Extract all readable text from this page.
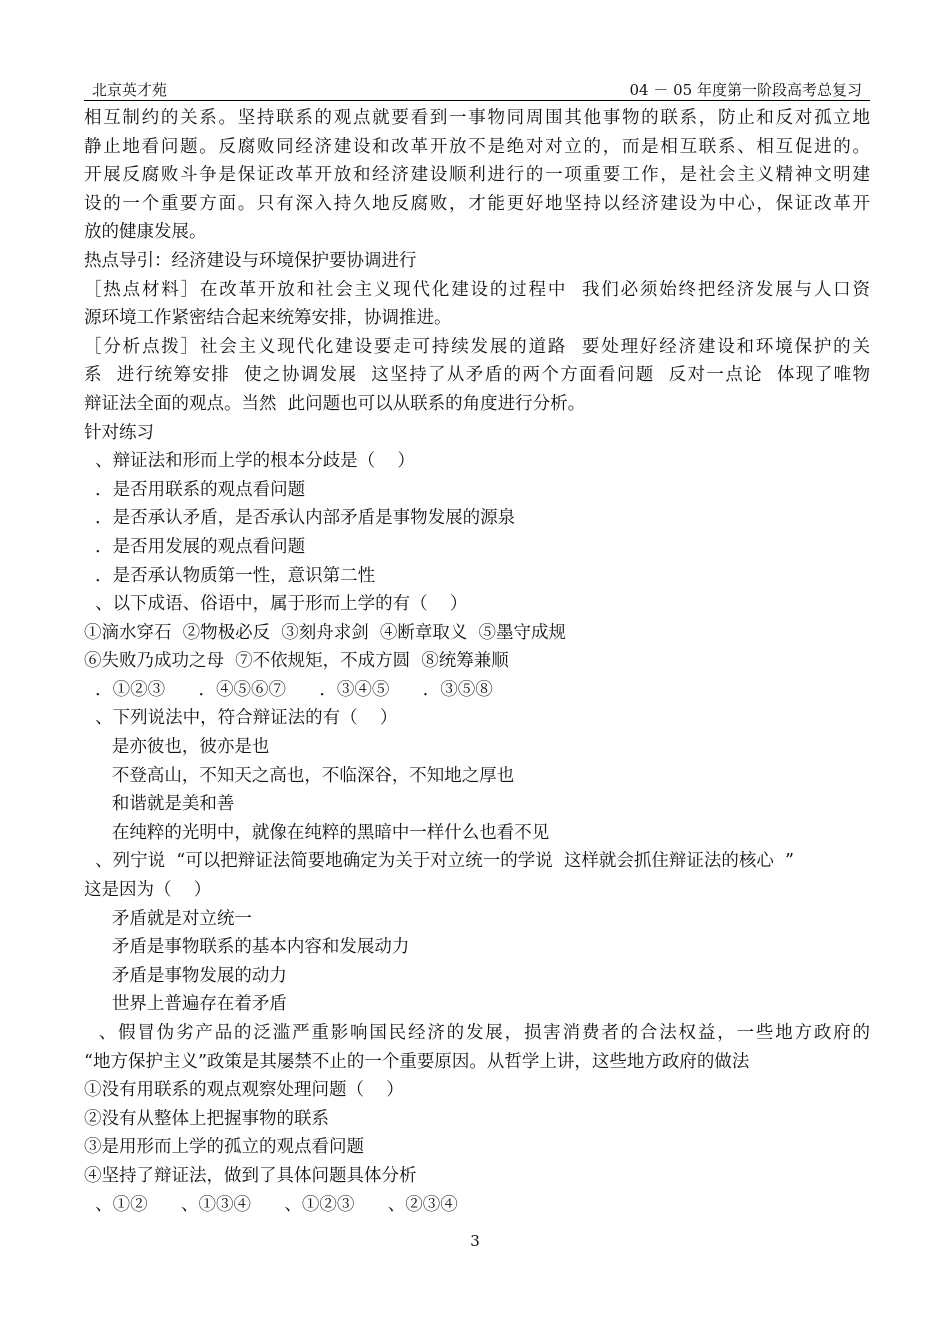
北京英才苑	04 － 05 年度第一阶段高考总复习
相互制约的关系。坚持联系的观点就要看到一事物同周围其他事物的联系，防止和反对孤立地
静止地看问题。反腐败同经济建设和改革开放不是绝对对立的，而是相互联系、相互促进的。
开展反腐败斗争是保证改革开放和经济建设顺利进行的一项重要工作，是社会主义精神文明建
设的一个重要方面。只有深入持久地反腐败，才能更好地坚持以经济建设为中心，保证改革开
放的健康发展。
热点导引：经济建设与环境保护要协调进行
［热点材料］在改革开放和社会主义现代化建设的过程中  我们必须始终把经济发展与人口资
源环境工作紧密结合起来统筹安排，协调推进。
［分析点拨］社会主义现代化建设要走可持续发展的道路  要处理好经济建设和环境保护的关
系  进行统筹安排  使之协调发展  这坚持了从矛盾的两个方面看问题  反对一点论  体现了唯物
辩证法全面的观点。当然  此问题也可以从联系的角度进行分析。
针对练习
、辩证法和形而上学的根本分歧是（    ）
．是否用联系的观点看问题
．是否承认矛盾，是否承认内部矛盾是事物发展的源泉
．是否用发展的观点看问题
．是否承认物质第一性，意识第二性
、以下成语、俗语中，属于形而上学的有（    ）
①滴水穿石  ②物极必反  ③刻舟求剑  ④断章取义  ⑤墨守成规
⑥失败乃成功之母  ⑦不依规矩，不成方圆  ⑧统筹兼顺
．①②③      ．④⑤⑥⑦      ．③④⑤      ．③⑤⑧
、下列说法中，符合辩证法的有（    ）
是亦彼也，彼亦是也
不登高山，不知天之高也，不临深谷，不知地之厚也
和谐就是美和善
在纯粹的光明中，就像在纯粹的黑暗中一样什么也看不见
、列宁说  “可以把辩证法简要地确定为关于对立统一的学说  这样就会抓住辩证法的核心  ”
这是因为（    ）
矛盾就是对立统一
矛盾是事物联系的基本内容和发展动力
矛盾是事物发展的动力
世界上普遍存在着矛盾
、假冒伪劣产品的泛滥严重影响国民经济的发展，损害消费者的合法权益，一些地方政府的
“地方保护主义”政策是其屡禁不止的一个重要原因。从哲学上讲，这些地方政府的做法
①没有用联系的观点观察处理问题（    ）
②没有从整体上把握事物的联系
③是用形而上学的孤立的观点看问题
④坚持了辩证法，做到了具体问题具体分析
、①②      、①③④      、①②③      、②③④
3
